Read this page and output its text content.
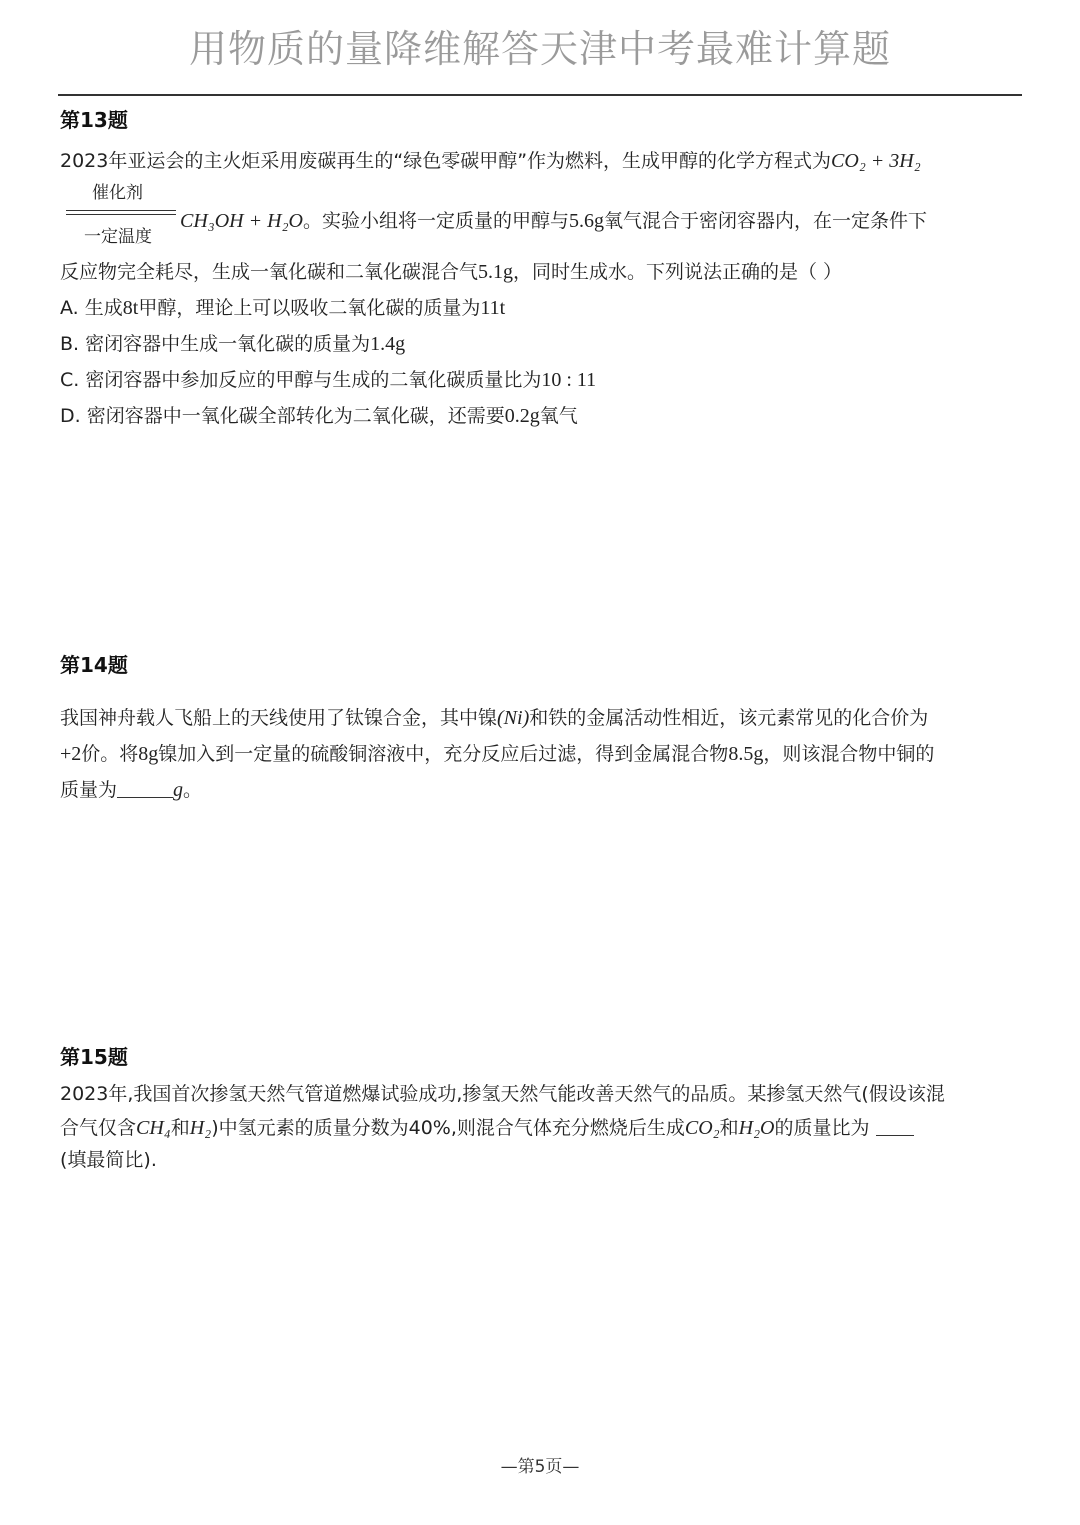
用物质的量降维解答天津中考最难计算题
第13题
2023年亚运会的主火炬采用废碳再生的“绿色零碳甲醇”作为燃料，生成甲醇的化学方程式为CO₂ + 3H₂
催化剂
一定温度
CH₃OH + H₂O。实验小组将一定质量的甲醇与5.6g氧气混合于密闭容器内，在一定条件下
反应物完全耗尽，生成一氧化碳和二氧化碳混合气5.1g，同时生成水。下列说法正确的是（ ）
A. 生成8t甲醇，理论上可以吸收二氧化碳的质量为11t
B. 密闭容器中生成一氧化碳的质量为1.4g
C. 密闭容器中参加反应的甲醇与生成的二氧化碳质量比为10 : 11
D. 密闭容器中一氧化碳全部转化为二氧化碳，还需要0.2g氧气
第14题
我国神舟载人飞船上的天线使用了钛镍合金，其中镍(Ni)和铁的金属活动性相近，该元素常见的化合价为
+2价。将8g镍加入到一定量的硫酸铜溶液中，充分反应后过滤，得到金属混合物8.5g，则该混合物中铜的
质量为	g。
第15题
2023年,我国首次掺氢天然气管道燃爆试验成功,掺氢天然气能改善天然气的品质。某掺氢天然气(假设该混
合气仅含CH₄和H₂)中氢元素的质量分数为40%,则混合气体充分燃烧后生成CO₂和H₂O的质量比为
(填最简比).
—第5页—
